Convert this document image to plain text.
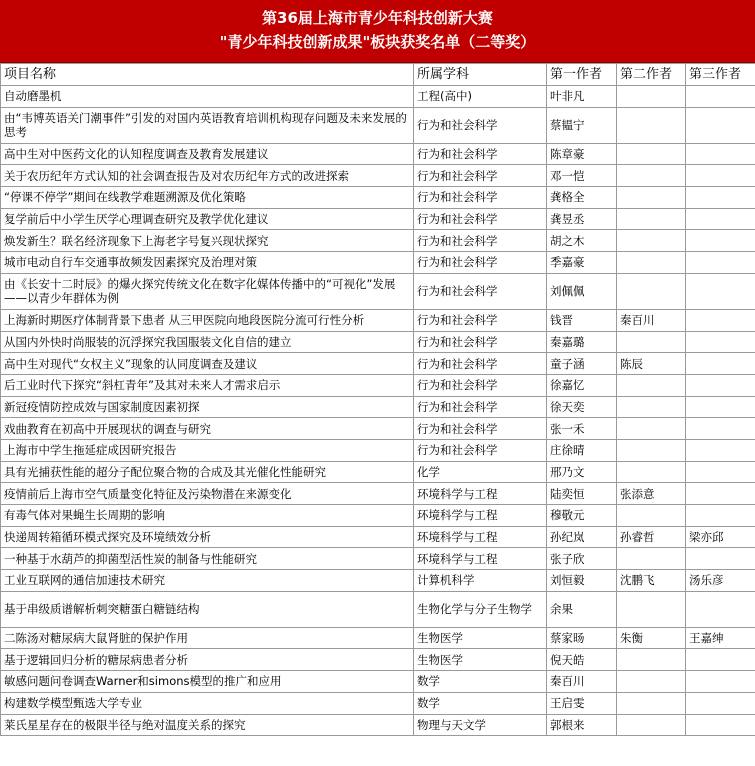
第36届上海市青少年科技创新大赛
"青少年科技创新成果"板块获奖名单（二等奖）
项目名称	所属学科	第一作者	第二作者	第三作者
自动磨墨机	工程(高中)	叶非凡		
由“韦博英语关门潮事件”引发的对国内英语教育培训机构现存问题及未来发展的思考	行为和社会科学	蔡韫宁		
高中生对中医药文化的认知程度调查及教育发展建议	行为和社会科学	陈章豪		
关于农历纪年方式认知的社会调查报告及对农历纪年方式的改进探索	行为和社会科学	邓一恺		
“停课不停学”期间在线教学难题溯源及优化策略	行为和社会科学	龚格全		
复学前后中小学生厌学心理调查研究及教学优化建议	行为和社会科学	龚昱丞		
焕发新生？联名经济现象下上海老字号复兴现状探究	行为和社会科学	胡之木		
城市电动自行车交通事故频发因素探究及治理对策	行为和社会科学	季嘉豪		
由《长安十二时辰》的爆火探究传统文化在数字化媒体传播中的“可视化”发展 ——以青少年群体为例	行为和社会科学	刘佩佩		
上海新时期医疗体制背景下患者 从三甲医院向地段医院分流可行性分析	行为和社会科学	钱晋	秦百川	
从国内外快时尚服装的沉浮探究我国服装文化自信的建立	行为和社会科学	秦嘉璐		
高中生对现代“女权主义”现象的认同度调查及建议	行为和社会科学	童子涵	陈辰	
后工业时代下探究“斜杠青年”及其对未来人才需求启示	行为和社会科学	徐嘉忆		
新冠疫情防控成效与国家制度因素初探	行为和社会科学	徐天奕		
戏曲教育在初高中开展现状的调查与研究	行为和社会科学	张一禾		
上海市中学生拖延症成因研究报告	行为和社会科学	庄徐晴		
具有光捕获性能的超分子配位聚合物的合成及其光催化性能研究	化学	邢乃文		
疫情前后上海市空气质量变化特征及污染物潜在来源变化	环境科学与工程	陆奕恒	张添意	
有毒气体对果蝇生长周期的影响	环境科学与工程	穆敬元		
快递周转箱循环模式探究及环境绩效分析	环境科学与工程	孙纪岚	孙睿哲	梁亦邱
一种基于水葫芦的抑菌型活性炭的制备与性能研究	环境科学与工程	张子欣		
工业互联网的通信加速技术研究	计算机科学	刘恒毅	沈鹏飞	汤乐彦
基于串级质谱解析刺突糖蛋白糖链结构	生物化学与分子生物学	余果		
二陈汤对糖尿病大鼠肾脏的保护作用	生物医学	蔡家旸	朱衡	王嘉绅
基于逻辑回归分析的糖尿病患者分析	生物医学	倪天皓		
敏感问题问卷调查Warner和simons模型的推广和应用	数学	秦百川		
构建数学模型甄选大学专业	数学	王启雯		
莱氏星星存在的极限半径与绝对温度关系的探究	物理与天文学	郭根来		
